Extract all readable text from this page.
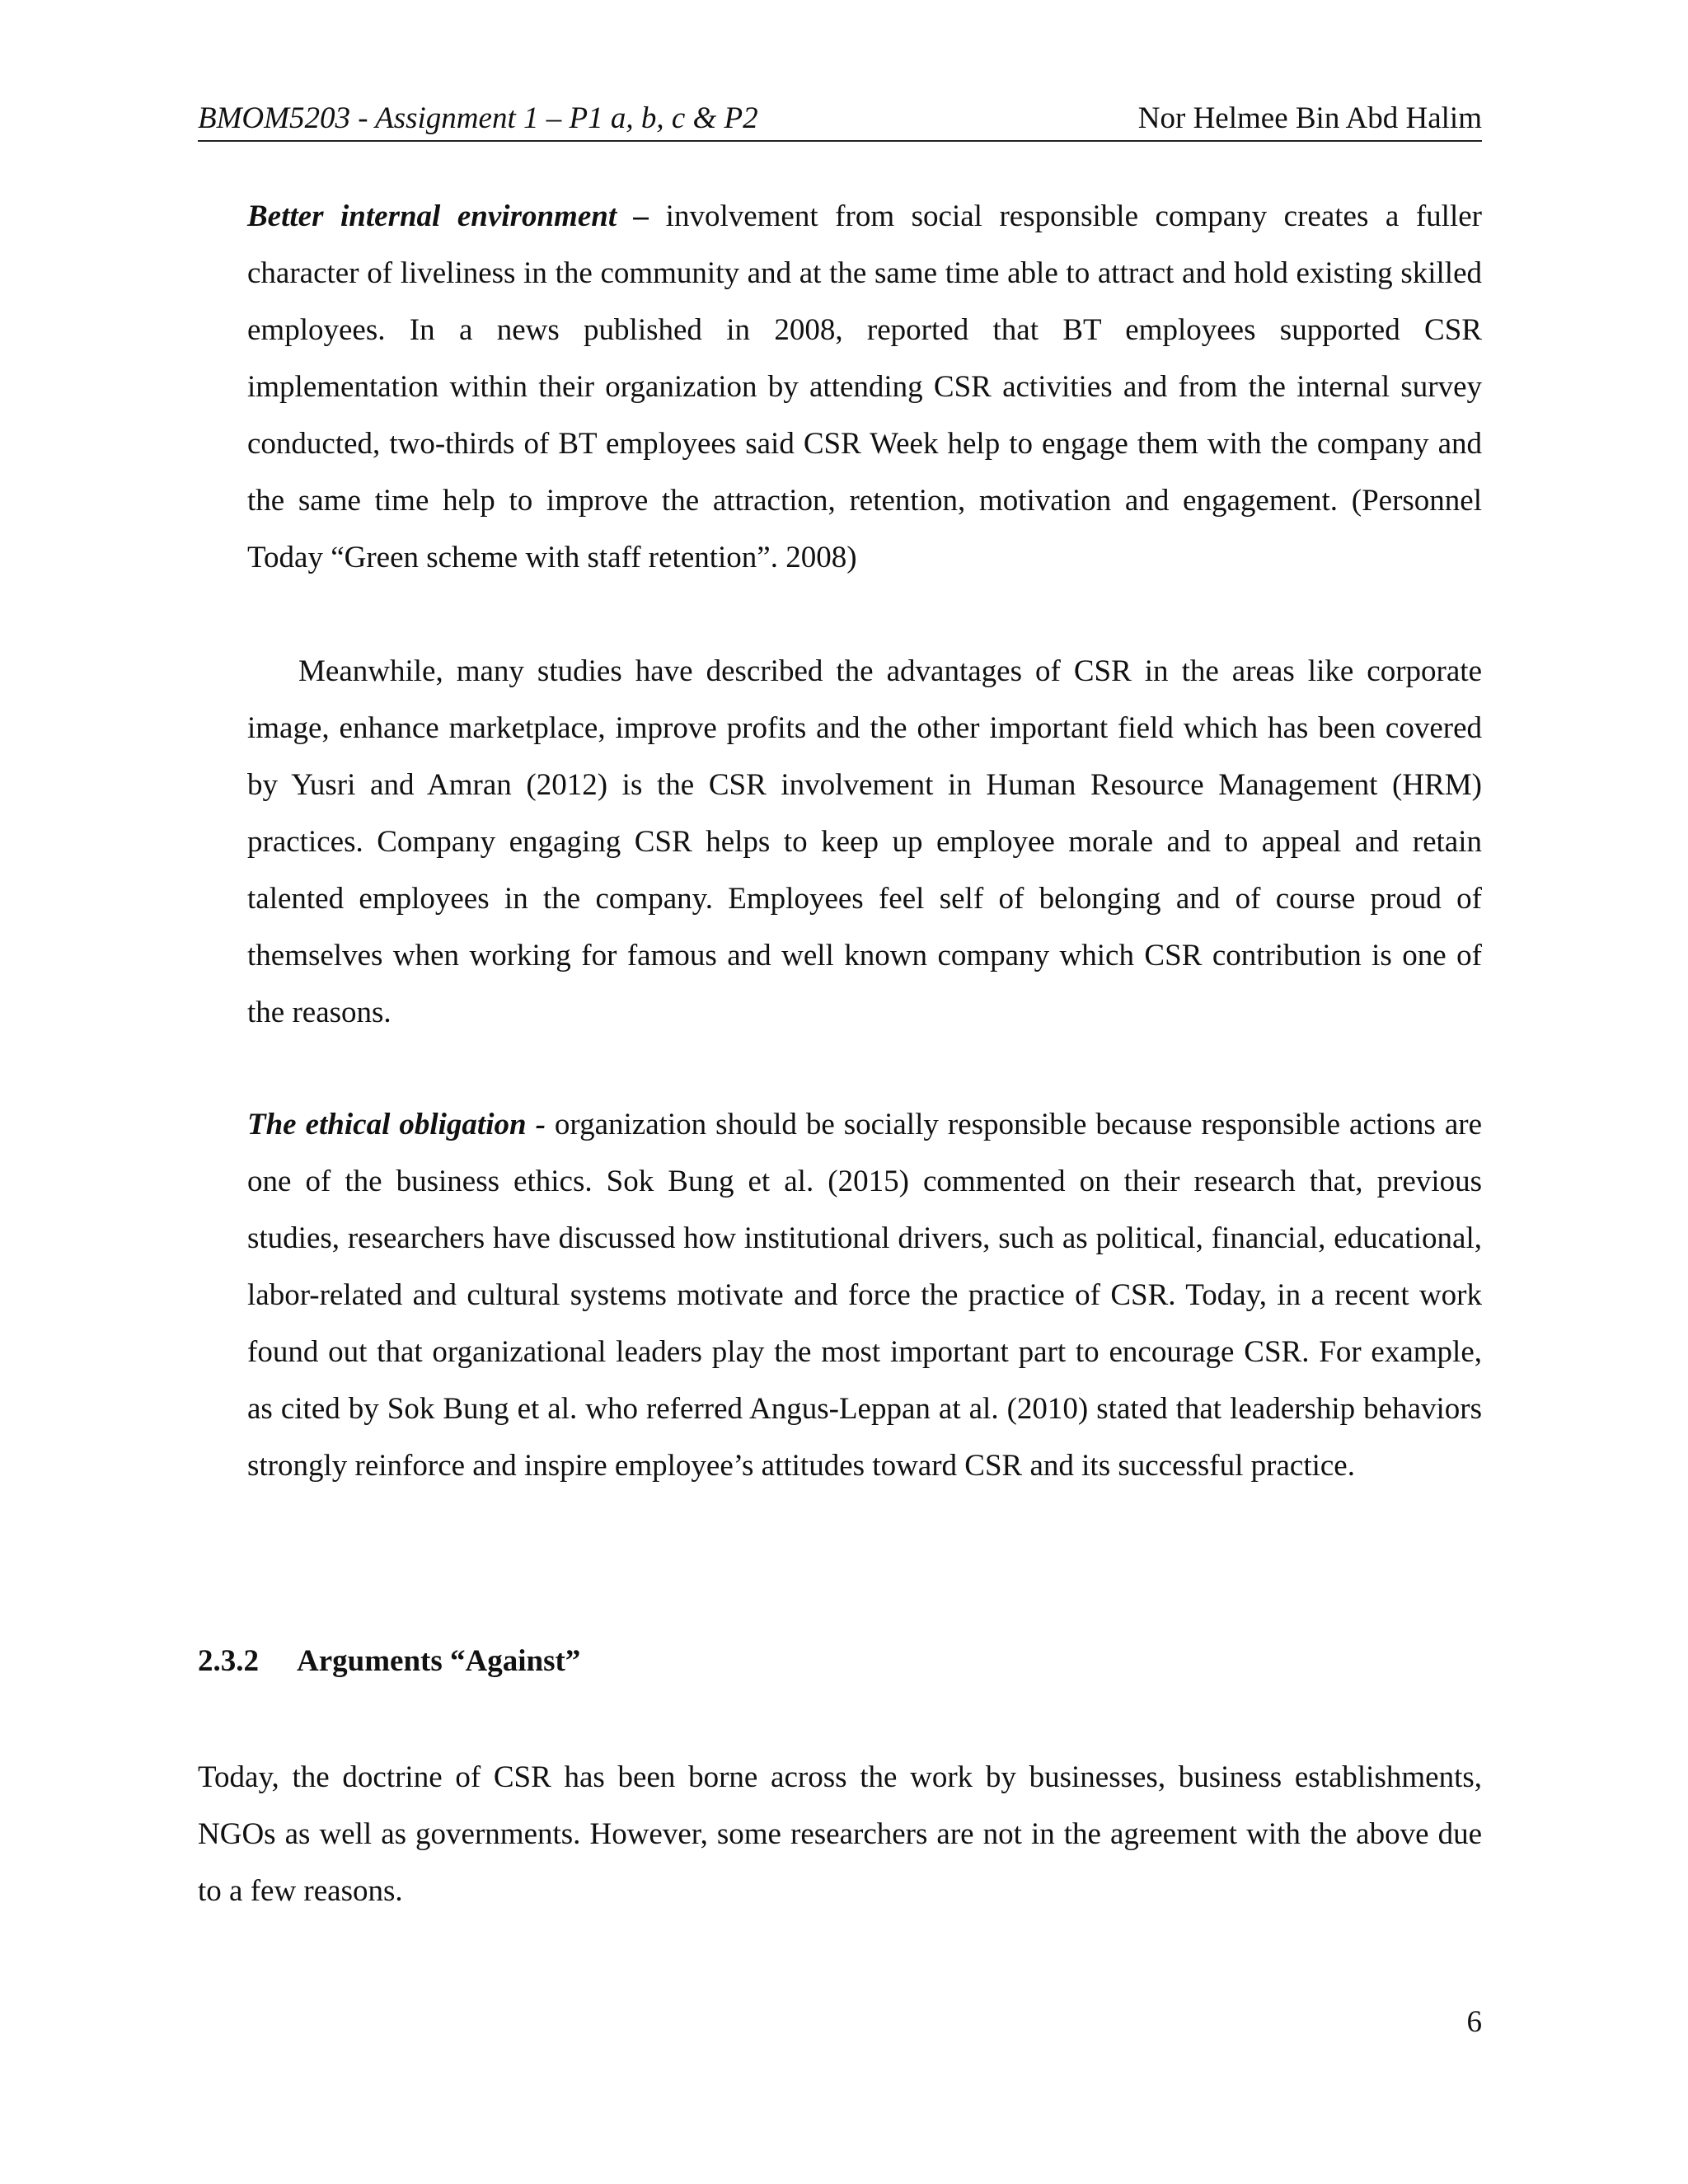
BMOM5203 - Assignment 1 – P1 a, b, c & P2	Nor Helmee Bin Abd Halim

Better internal environment – involvement from social responsible company creates a fuller character of liveliness in the community and at the same time able to attract and hold existing skilled employees. In a news published in 2008, reported that BT employees supported CSR implementation within their organization by attending CSR activities and from the internal survey conducted, two-thirds of BT employees said CSR Week help to engage them with the company and the same time help to improve the attraction, retention, motivation and engagement. (Personnel Today “Green scheme with staff retention”. 2008)

Meanwhile, many studies have described the advantages of CSR in the areas like corporate image, enhance marketplace, improve profits and the other important field which has been covered by Yusri and Amran (2012) is the CSR involvement in Human Resource Management (HRM) practices. Company engaging CSR helps to keep up employee morale and to appeal and retain talented employees in the company. Employees feel self of belonging and of course proud of themselves when working for famous and well known company which CSR contribution is one of the reasons.

The ethical obligation - organization should be socially responsible because responsible actions are one of the business ethics. Sok Bung et al. (2015) commented on their research that, previous studies, researchers have discussed how institutional drivers, such as political, financial, educational, labor-related and cultural systems motivate and force the practice of CSR. Today, in a recent work found out that organizational leaders play the most important part to encourage CSR. For example, as cited by Sok Bung et al. who referred Angus-Leppan at al. (2010) stated that leadership behaviors strongly reinforce and inspire employee’s attitudes toward CSR and its successful practice.

2.3.2 Arguments “Against”

Today, the doctrine of CSR has been borne across the work by businesses, business establishments, NGOs as well as governments. However, some researchers are not in the agreement with the above due to a few reasons.

6
